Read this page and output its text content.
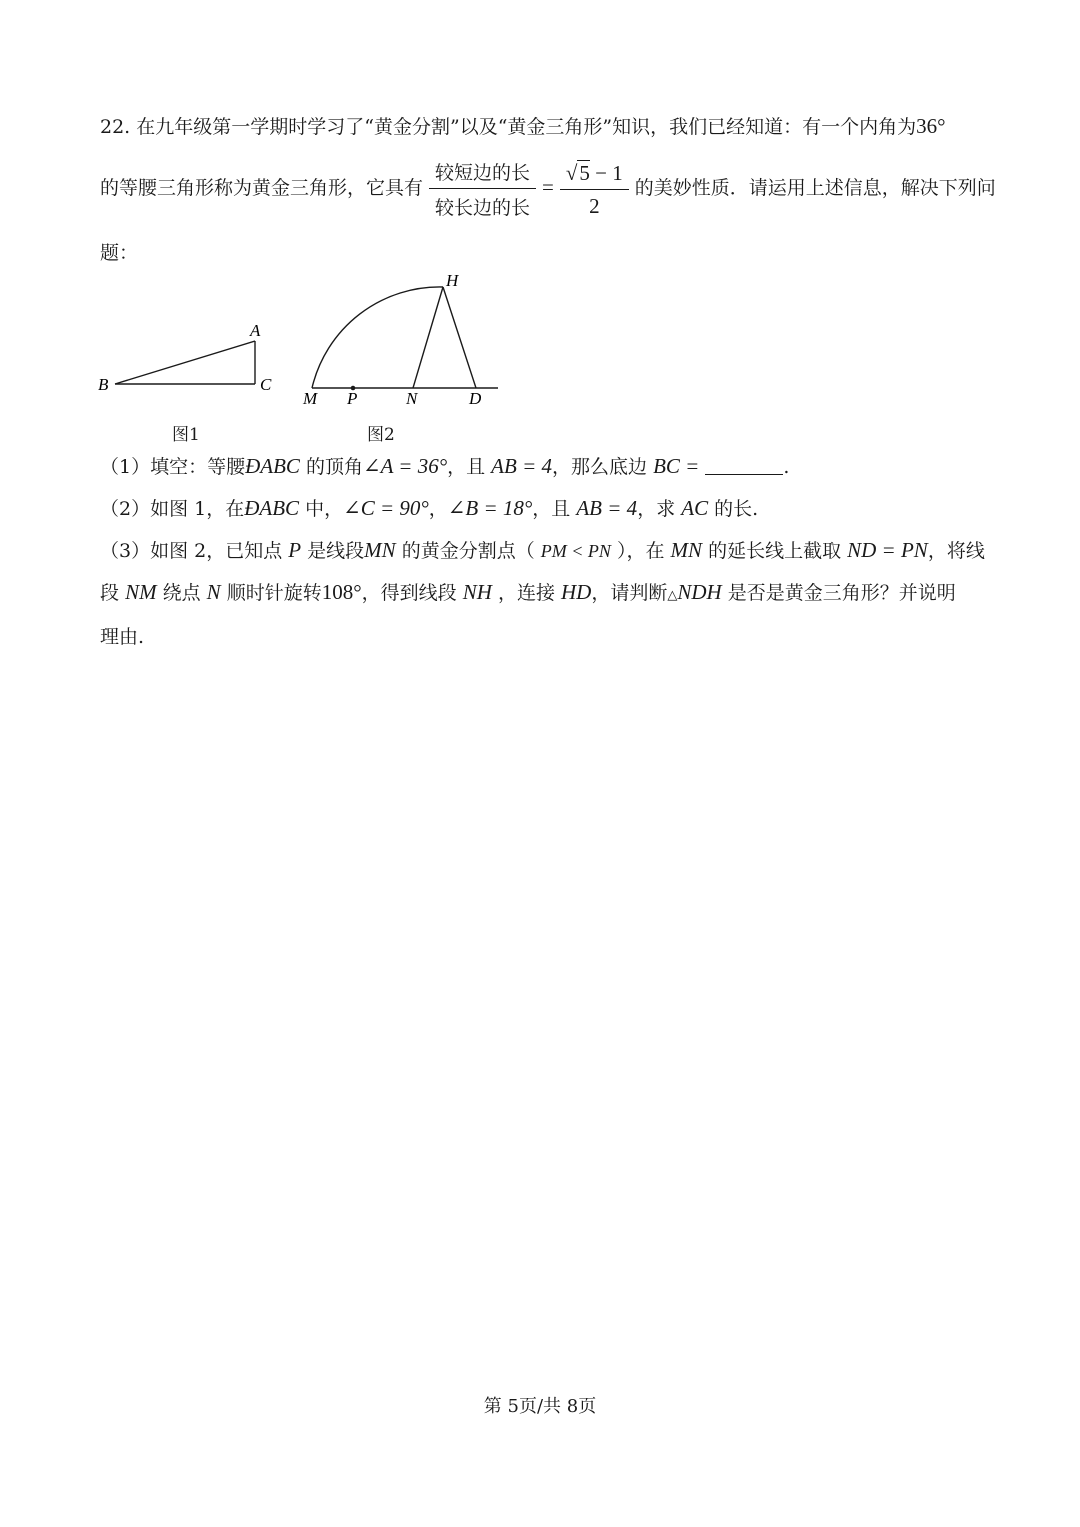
22. 在九年级第一学期时学习了“黄金分割”以及“黄金三角形”知识，我们已经知道：有一个内角为36°
的等腰三角形称为黄金三角形，它具有 $\frac{\text{较短边的长}}{\text{较长边的长}} = \frac{√5 - 1}{2}$ 的美妙性质．请运用上述信息，解决下列问
题：
A
B	C
H
M P	N	D
图1	图2
（1）填空：等腰ÐABC 的顶角∠A = 36°，且 AB = 4，那么底边 BC =	.
（2）如图 1，在ÐABC 中，∠C = 90°，∠B = 18°，且 AB = 4，求 AC 的长.
（3）如图 2，已知点 P 是线段MN 的黄金分割点（ PM < PN ），在 MN 的延长线上截取 ND = PN，将线
段 NM 绕点 N 顺时针旋转108°，得到线段 NH ，连接 HD，请判断△NDH 是否是黄金三角形？并说明
理由.
第 5页/共 8页
